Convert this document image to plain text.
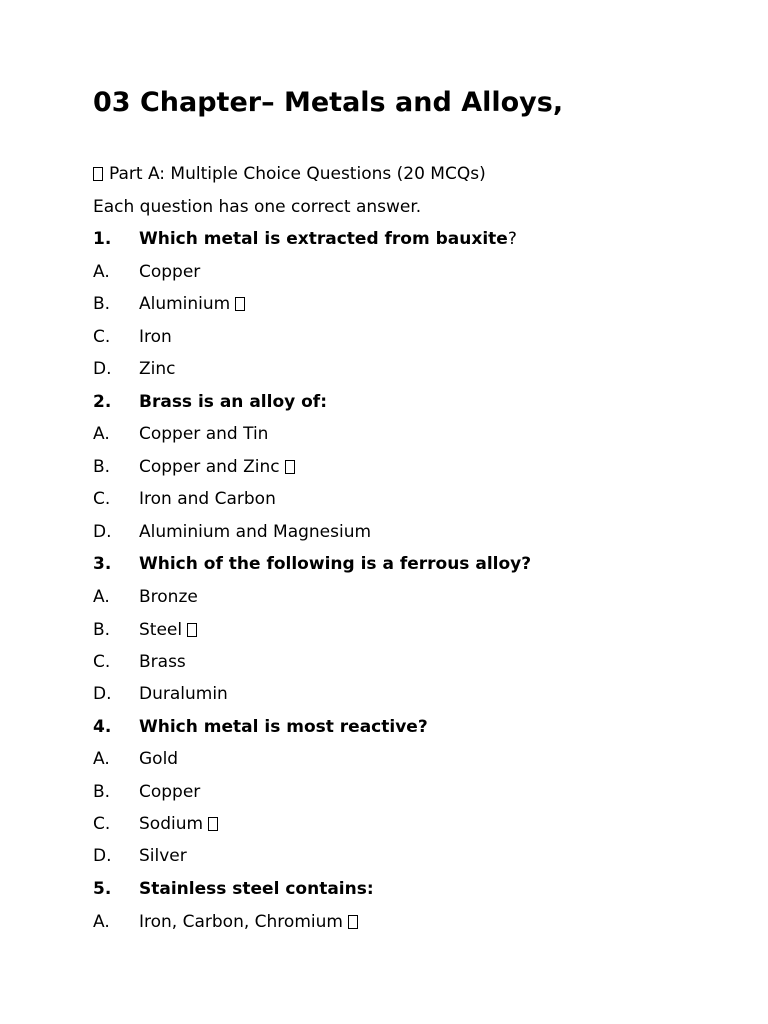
03 Chapter– Metals and Alloys,
Part A: Multiple Choice Questions (20 MCQs)
Each question has one correct answer.
1. Which metal is extracted from bauxite?
A. Copper
B. Aluminium
C. Iron
D. Zinc
2. Brass is an alloy of:
A. Copper and Tin
B. Copper and Zinc
C. Iron and Carbon
D. Aluminium and Magnesium
3. Which of the following is a ferrous alloy?
A. Bronze
B. Steel
C. Brass
D. Duralumin
4. Which metal is most reactive?
A. Gold
B. Copper
C. Sodium
D. Silver
5. Stainless steel contains:
A. Iron, Carbon, Chromium
